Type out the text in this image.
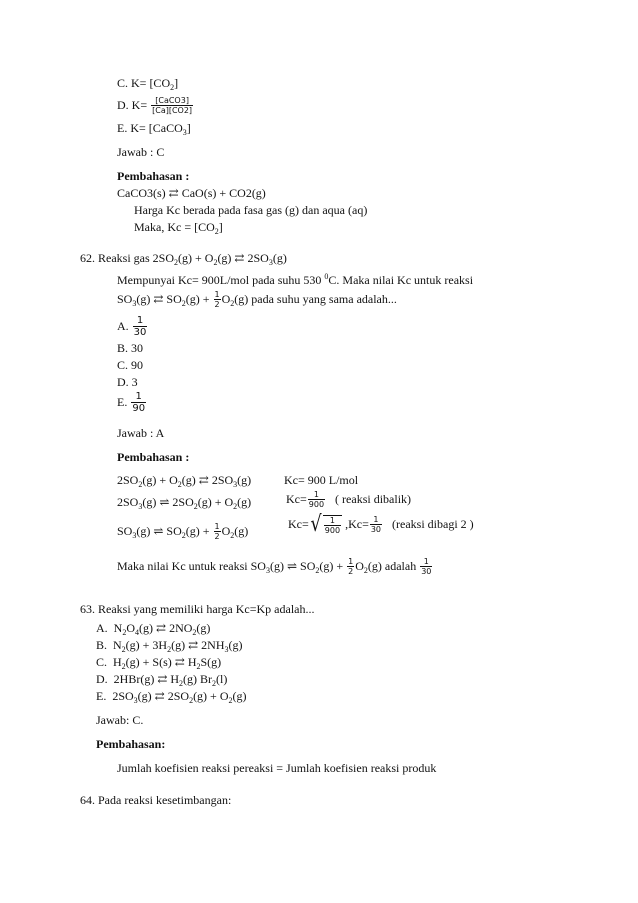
C. $K= [CO_2]$
D. $K= \frac{\text{[CaCO3]}}{[Ca][CO2]}$
E. K= [CaCO$_3$]
Jawab : C
Pembahasan :
CaCO3(s) ⇄ CaO(s) + CO2(g)
Harga Kc berada pada fasa gas (g) dan aqua (aq)
Maka, $Kc = [CO_2]$
62. Reaksi gas $2SO_2(g) + O_2(g)$ ⇄ $2SO_3(g)$
Mempunyai Kc= 900L/mol pada suhu 530 $^0$C. Maka nilai Kc untuk reaksi
$SO_3(g)$ ⇄ $SO_2(g) + \frac{1}{2} O_2(g)$ pada suhu yang sama adalah...
A. $\frac{1}{30}$
B. 30
C. 90
D. 3
E. $\frac{1}{90}$
Jawab : A
Pembahasan :
$2SO_2(g) + O_2(g)$ ⇄ $2SO_3(g)$	Kc= 900 L/mol
$2SO_3(g)$ ⇌ $2SO_2(g) + O_2(g)$	$Kc= \frac{1}{900}$ ( reaksi dibalik)
$SO_3(g)$ ⇌ $SO_2(g) + \frac{1}{2} O_2(g)$	Kc= √ $\frac{1}{900} ,Kc= \frac{1}{30}$ (reaksi dibagi 2 )
Maka nilai Kc untuk reaksi $SO_3(g)$ ⇌ $SO_2(g) + \frac{1}{2} O_2(g)$ adalah $\frac{1}{30}$
63. Reaksi yang memiliki harga Kc=Kp adalah...
A.  $N_2O_4(g)$ ⇄ $2NO_2(g)$
B.  $N_2(g) + 3H_2(g)$ ⇄ $2NH_3(g)$
C.  $H_2(g) + S(s)$ ⇄ $H_2S(g)$
D.  2HBr(g) ⇄ $H_2(g)$ $Br_2(l)$
E.  $2SO_3(g)$ ⇄ $2SO_2(g) + O_2(g)$
Jawab: C.
Pembahasan:
Jumlah koefisien reaksi pereaksi = Jumlah koefisien reaksi produk
64. Pada reaksi kesetimbangan:
